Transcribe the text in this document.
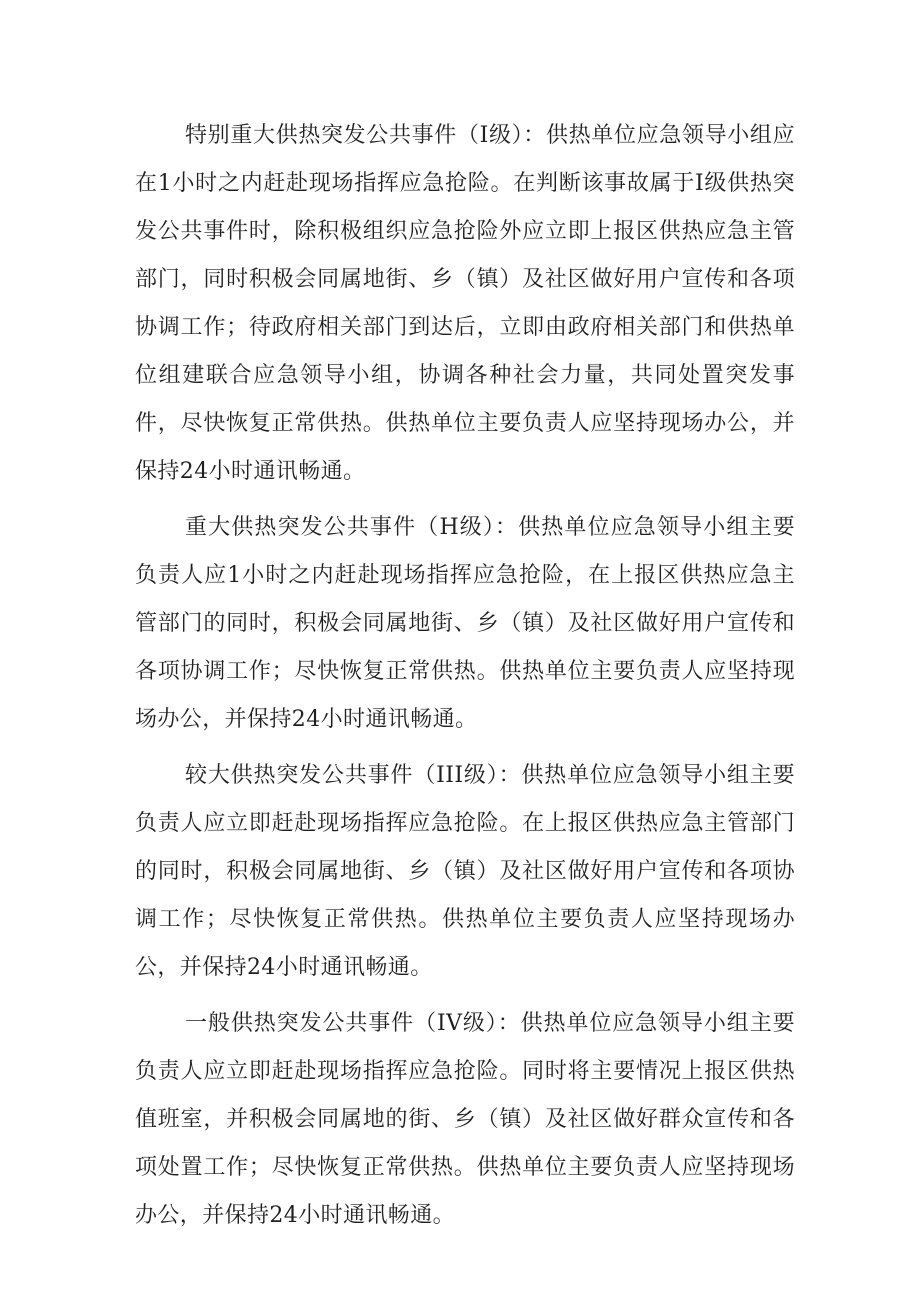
特别重大供热突发公共事件（I级）：供热单位应急领导小组应在1小时之内赶赴现场指挥应急抢险。在判断该事故属于I级供热突发公共事件时，除积极组织应急抢险外应立即上报区供热应急主管部门，同时积极会同属地街、乡（镇）及社区做好用户宣传和各项协调工作；待政府相关部门到达后，立即由政府相关部门和供热单位组建联合应急领导小组，协调各种社会力量，共同处置突发事件，尽快恢复正常供热。供热单位主要负责人应坚持现场办公，并保持24小时通讯畅通。

重大供热突发公共事件（H级）：供热单位应急领导小组主要负责人应1小时之内赶赴现场指挥应急抢险，在上报区供热应急主管部门的同时，积极会同属地街、乡（镇）及社区做好用户宣传和各项协调工作；尽快恢复正常供热。供热单位主要负责人应坚持现场办公，并保持24小时通讯畅通。

较大供热突发公共事件（III级）：供热单位应急领导小组主要负责人应立即赶赴现场指挥应急抢险。在上报区供热应急主管部门的同时，积极会同属地街、乡（镇）及社区做好用户宣传和各项协调工作；尽快恢复正常供热。供热单位主要负责人应坚持现场办公，并保持24小时通讯畅通。

一般供热突发公共事件（IV级）：供热单位应急领导小组主要负责人应立即赶赴现场指挥应急抢险。同时将主要情况上报区供热值班室，并积极会同属地的街、乡（镇）及社区做好群众宣传和各项处置工作；尽快恢复正常供热。供热单位主要负责人应坚持现场办公，并保持24小时通讯畅通。
